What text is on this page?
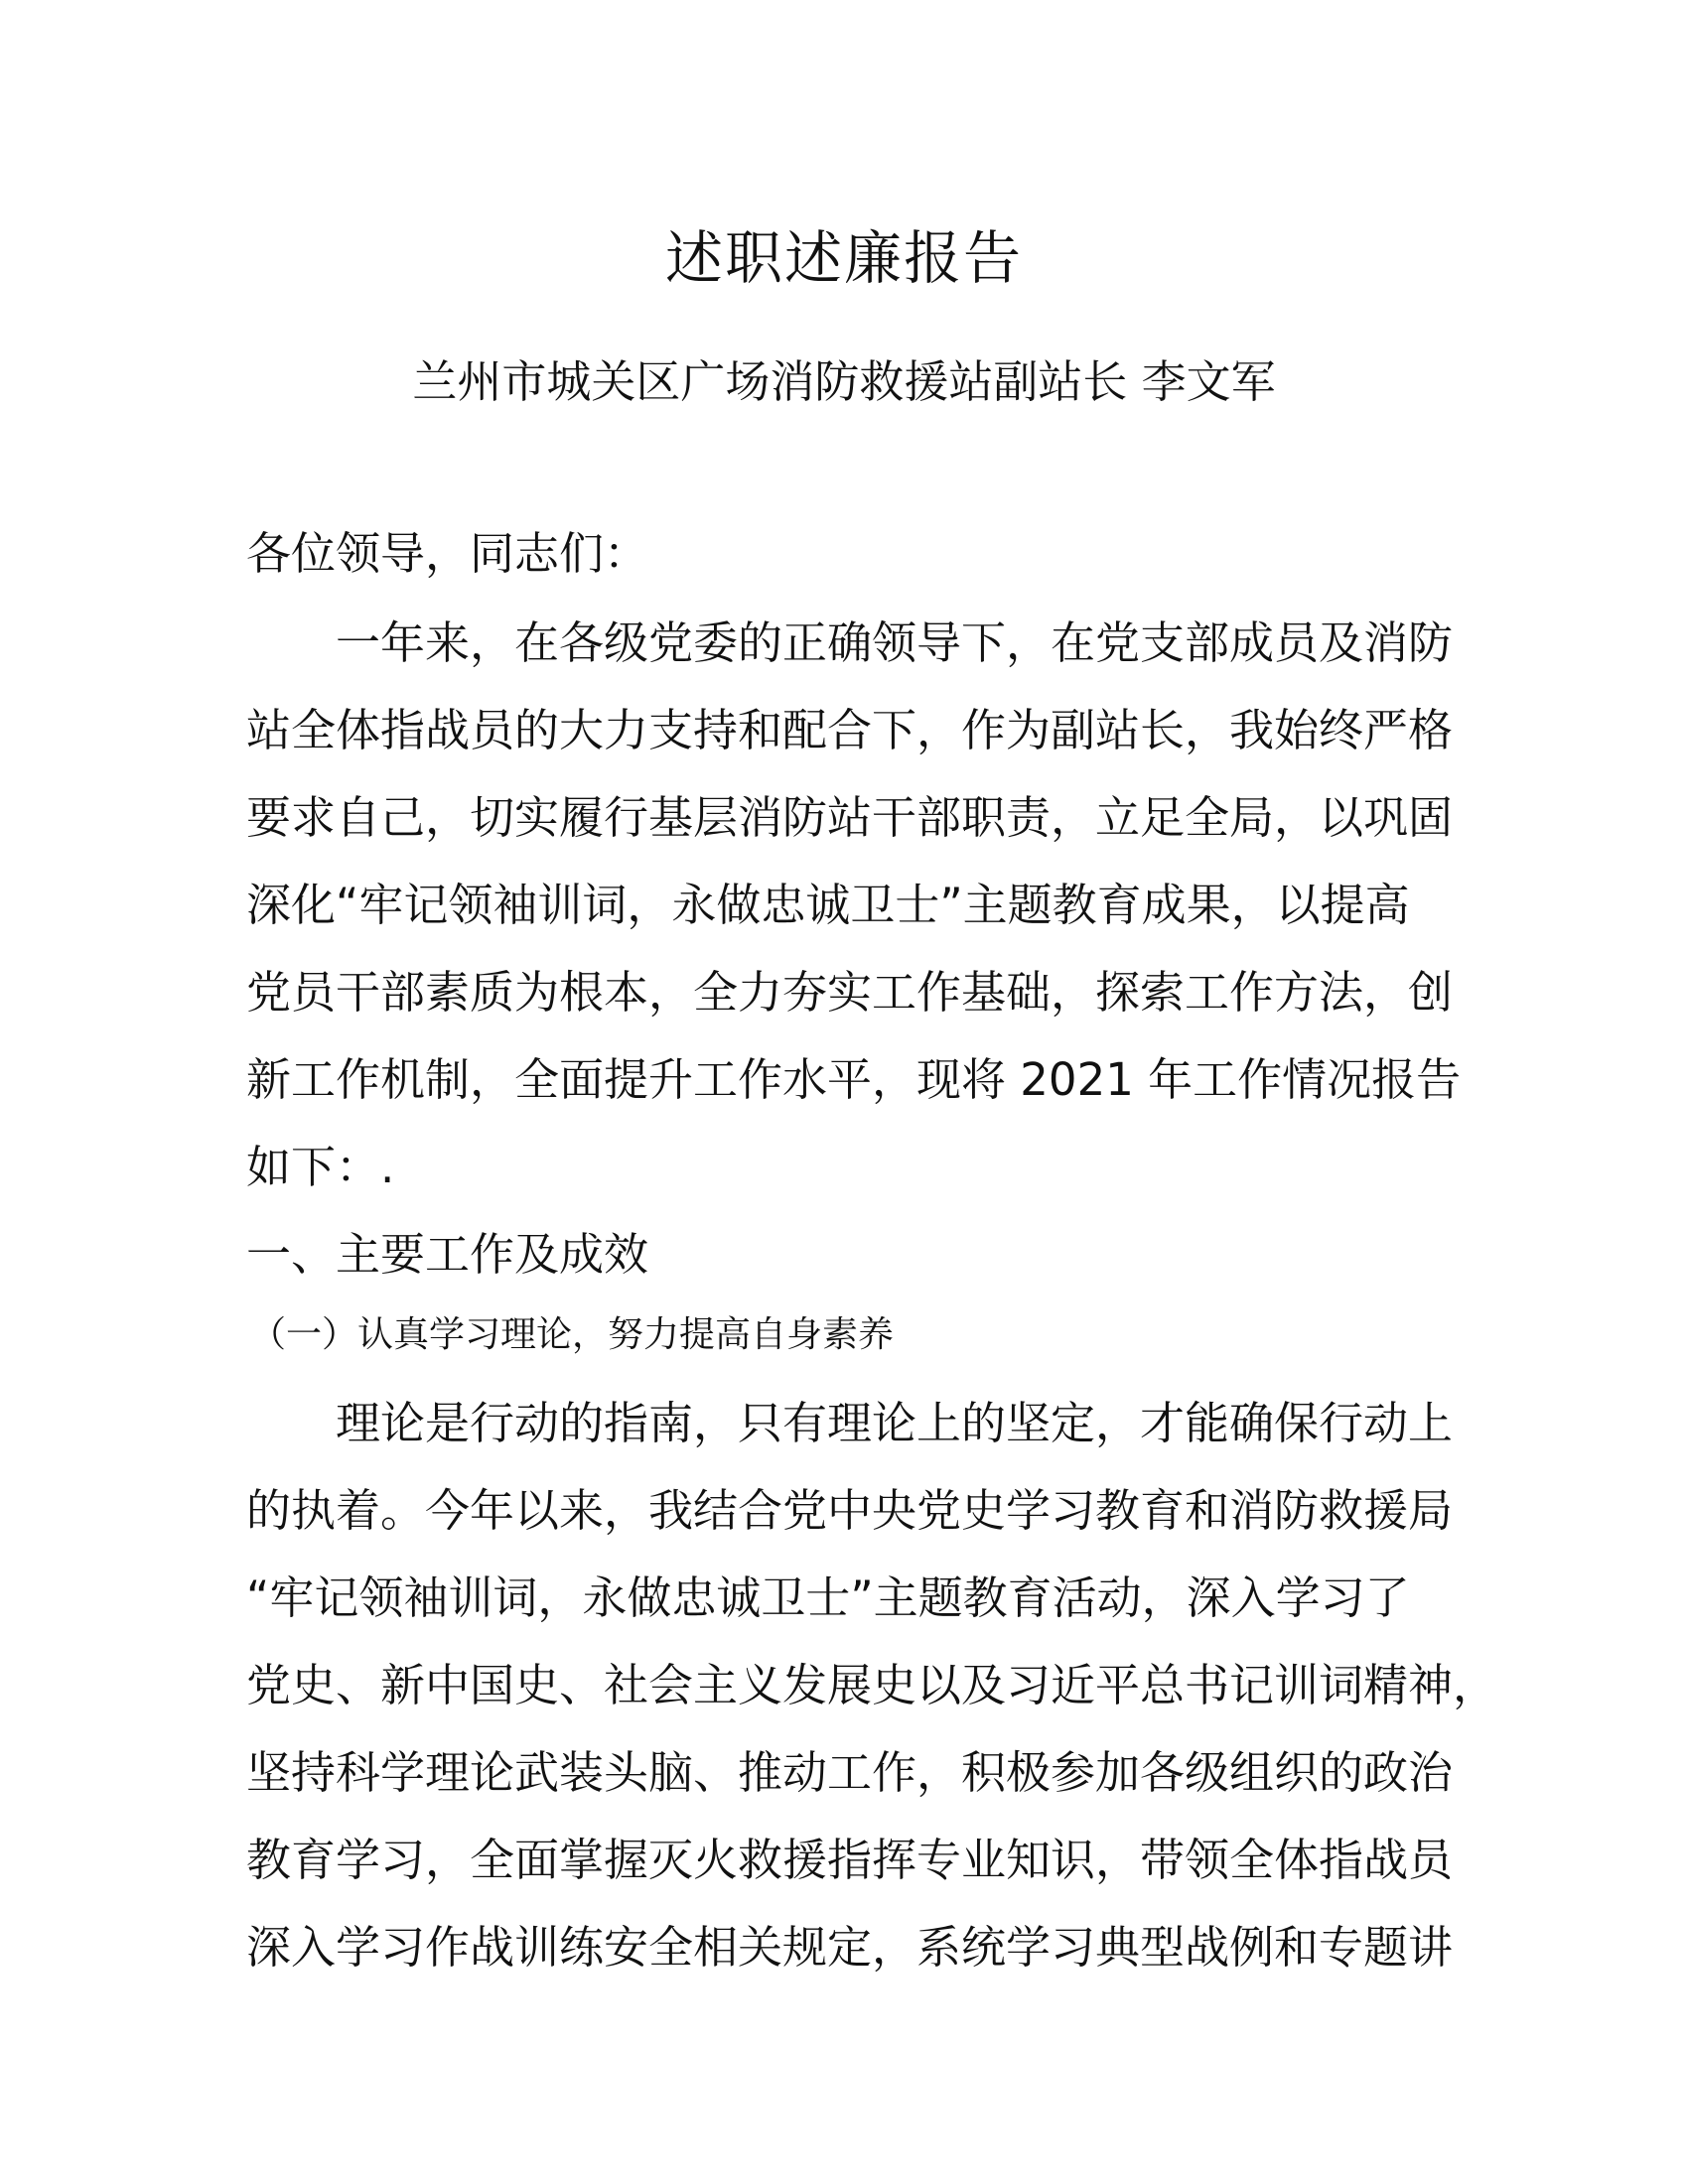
述职述廉报告
兰州市城关区广场消防救援站副站长 李文军
各位领导，同志们：
一年来，在各级党委的正确领导下，在党支部成员及消防
站全体指战员的大力支持和配合下，作为副站长，我始终严格
要求自己，切实履行基层消防站干部职责，立足全局，以巩固
深化“牢记领袖训词，永做忠诚卫士”主题教育成果，以提高
党员干部素质为根本，全力夯实工作基础，探索工作方法，创
新工作机制，全面提升工作水平，现将 2021 年工作情况报告
如下：.
一、主要工作及成效
（一）认真学习理论，努力提高自身素养
理论是行动的指南，只有理论上的坚定，才能确保行动上
的执着。今年以来，我结合党中央党史学习教育和消防救援局
“牢记领袖训词，永做忠诚卫士”主题教育活动，深入学习了
党史、新中国史、社会主义发展史以及习近平总书记训词精神，
坚持科学理论武装头脑、推动工作，积极参加各级组织的政治
教育学习，全面掌握灭火救援指挥专业知识，带领全体指战员
深入学习作战训练安全相关规定，系统学习典型战例和专题讲
